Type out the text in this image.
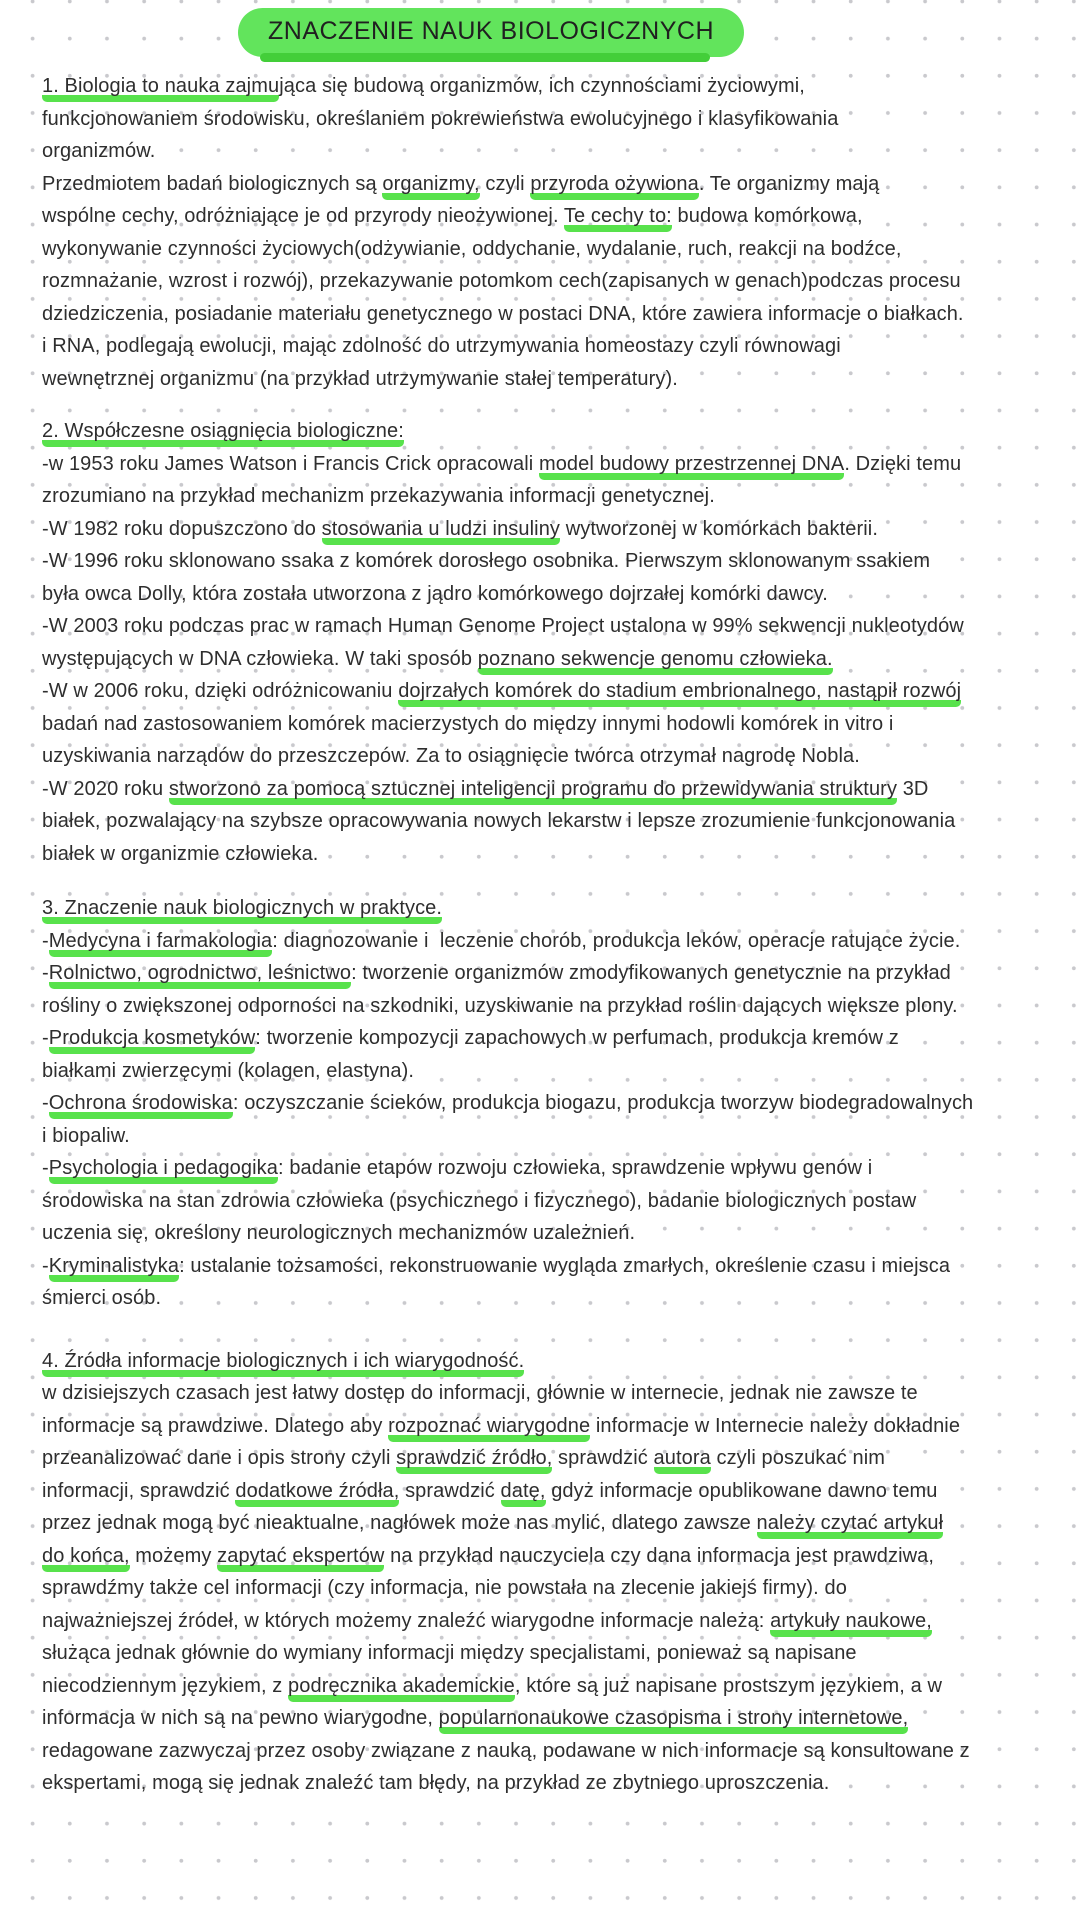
ZNACZENIE NAUK BIOLOGICZNYCH
1. Biologia to nauka zajmująca się budową organizmów, ich czynnościami życiowymi,
funkcjonowaniem środowisku, określaniem pokrewieństwa ewolucyjnego i klasyfikowania
organizmów.
Przedmiotem badań biologicznych są organizmy, czyli przyroda ożywiona. Te organizmy mają
wspólne cechy, odróżniające je od przyrody nieożywionej. Te cechy to: budowa komórkowa,
wykonywanie czynności życiowych(odżywianie, oddychanie, wydalanie, ruch, reakcji na bodźce,
rozmnażanie, wzrost i rozwój), przekazywanie potomkom cech(zapisanych w genach)podczas procesu
dziedziczenia, posiadanie materiału genetycznego w postaci DNA, które zawiera informacje o białkach.
i RNA, podlegają ewolucji, mając zdolność do utrzymywania homeostazy czyli równowagi
wewnętrznej organizmu (na przykład utrzymywanie stałej temperatury).
2. Współczesne osiągnięcia biologiczne:
-w 1953 roku James Watson i Francis Crick opracowali model budowy przestrzennej DNA. Dzięki temu
zrozumiano na przykład mechanizm przekazywania informacji genetycznej.
-W 1982 roku dopuszczono do stosowania u ludzi insuliny wytworzonej w komórkach bakterii.
-W 1996 roku sklonowano ssaka z komórek dorosłego osobnika. Pierwszym sklonowanym ssakiem
była owca Dolly, która została utworzona z jądro komórkowego dojrzałej komórki dawcy.
-W 2003 roku podczas prac w ramach Human Genome Project ustalona w 99% sekwencji nukleotydów
występujących w DNA człowieka. W taki sposób poznano sekwencje genomu człowieka.
-W w 2006 roku, dzięki odróżnicowaniu dojrzałych komórek do stadium embrionalnego, nastąpił rozwój
badań nad zastosowaniem komórek macierzystych do między innymi hodowli komórek in vitro i
uzyskiwania narządów do przeszczepów. Za to osiągnięcie twórca otrzymał nagrodę Nobla.
-W 2020 roku stworzono za pomocą sztucznej inteligencji programu do przewidywania struktury 3D
białek, pozwalający na szybsze opracowywania nowych lekarstw i lepsze zrozumienie funkcjonowania
białek w organizmie człowieka.
3. Znaczenie nauk biologicznych w praktyce.
-Medycyna i farmakologia: diagnozowanie i  leczenie chorób, produkcja leków, operacje ratujące życie.
-Rolnictwo, ogrodnictwo, leśnictwo: tworzenie organizmów zmodyfikowanych genetycznie na przykład
rośliny o zwiększonej odporności na szkodniki, uzyskiwanie na przykład roślin dających większe plony.
-Produkcja kosmetyków: tworzenie kompozycji zapachowych w perfumach, produkcja kremów z
białkami zwierzęcymi (kolagen, elastyna).
-Ochrona środowiska: oczyszczanie ścieków, produkcja biogazu, produkcja tworzyw biodegradowalnych
i biopaliw.
-Psychologia i pedagogika: badanie etapów rozwoju człowieka, sprawdzenie wpływu genów i
środowiska na stan zdrowia człowieka (psychicznego i fizycznego), badanie biologicznych postaw
uczenia się, określony neurologicznych mechanizmów uzależnień.
-Kryminalistyka: ustalanie tożsamości, rekonstruowanie wygląda zmarłych, określenie czasu i miejsca
śmierci osób.
4. Źródła informacje biologicznych i ich wiarygodność.
w dzisiejszych czasach jest łatwy dostęp do informacji, głównie w internecie, jednak nie zawsze te
informacje są prawdziwe. Dlatego aby rozpoznać wiarygodne informacje w Internecie należy dokładnie
przeanalizować dane i opis strony czyli sprawdzić źródło, sprawdzić autora czyli poszukać nim
informacji, sprawdzić dodatkowe źródła, sprawdzić datę, gdyż informacje opublikowane dawno temu
przez jednak mogą być nieaktualne, nagłówek może nas mylić, dlatego zawsze należy czytać artykuł
do końca, możemy zapytać ekspertów na przykład nauczyciela czy dana informacja jest prawdziwa,
sprawdźmy także cel informacji (czy informacja, nie powstała na zlecenie jakiejś firmy). do
najważniejszej źródeł, w których możemy znaleźć wiarygodne informacje należą: artykuły naukowe,
służąca jednak głównie do wymiany informacji między specjalistami, ponieważ są napisane
niecodziennym językiem, z podręcznika akademickie, które są już napisane prostszym językiem, a w
informacja w nich są na pewno wiarygodne, popularnonaukowe czasopisma i strony internetowe,
redagowane zazwyczaj przez osoby związane z nauką, podawane w nich informacje są konsultowane z
ekspertami, mogą się jednak znaleźć tam błędy, na przykład ze zbytniego uproszczenia.
